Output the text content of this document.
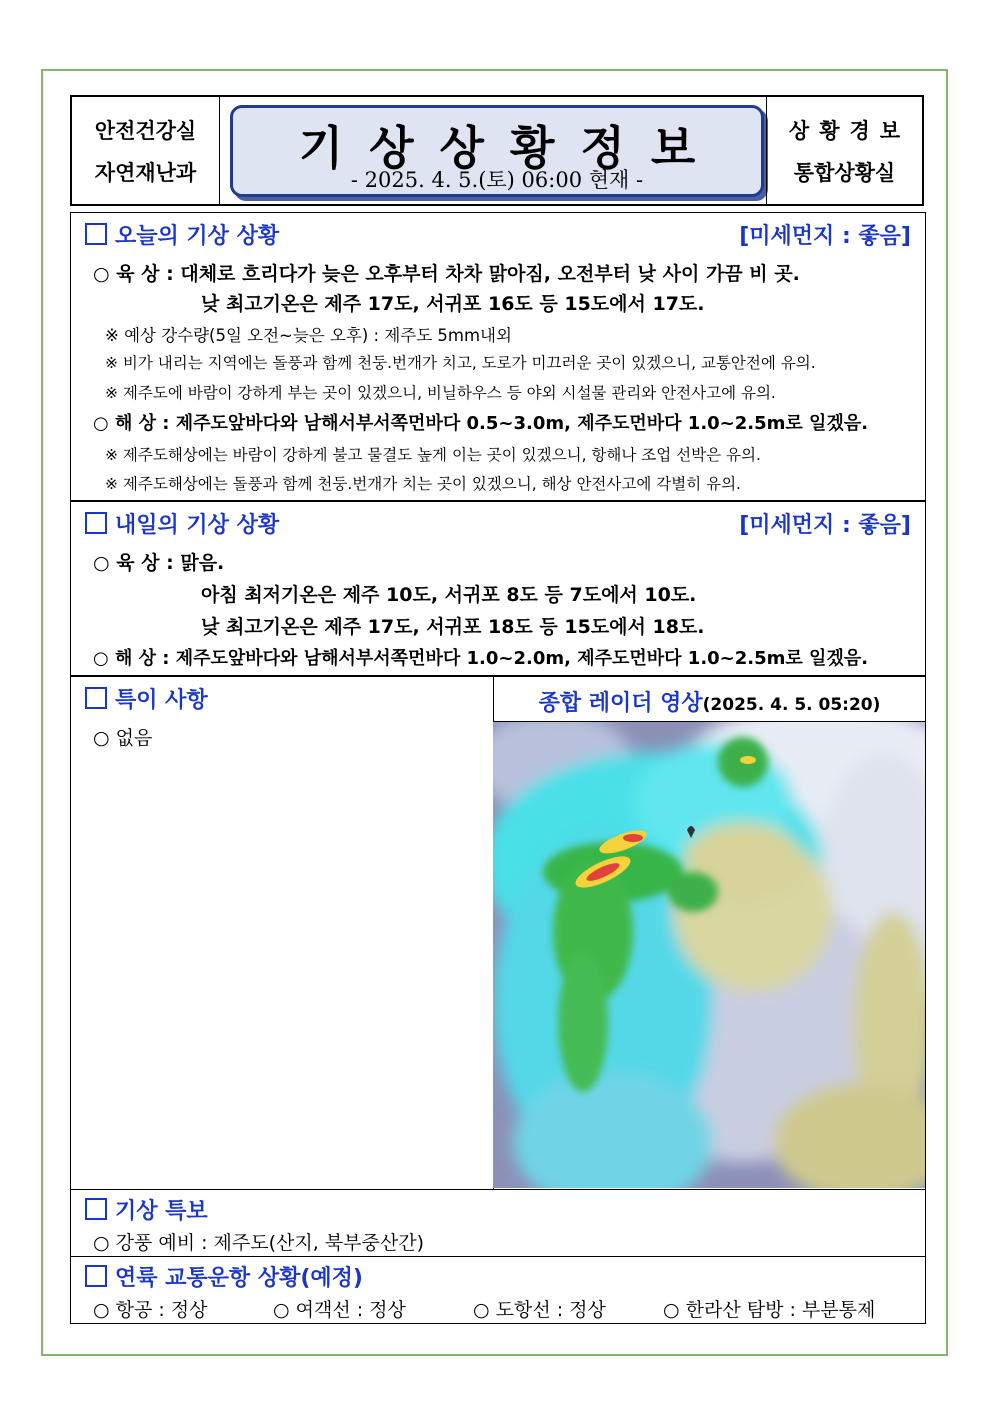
안전건강실
자연재난과	기상상황정보
- 2025. 4. 5.(토) 06:00 현재 -
상황경보
통합상황실
오늘의 기상 상황	[미세먼지 : 좋음]
○ 육 상 : 대체로 흐리다가 늦은 오후부터 차차 맑아짐, 오전부터 낮 사이 가끔 비 곳.
낮 최고기온은 제주 17도, 서귀포 16도 등 15도에서 17도.
※ 예상 강수량(5일 오전~늦은 오후) : 제주도 5mm내외
※ 비가 내리는 지역에는 돌풍과 함께 천둥.번개가 치고, 도로가 미끄러운 곳이 있겠으니, 교통안전에 유의.
※ 제주도에 바람이 강하게 부는 곳이 있겠으니, 비닐하우스 등 야외 시설물 관리와 안전사고에 유의.
○ 해 상 : 제주도앞바다와 남해서부서쪽먼바다 0.5~3.0m, 제주도먼바다 1.0~2.5m로 일겠음.
※ 제주도해상에는 바람이 강하게 불고 물결도 높게 이는 곳이 있겠으니, 항해나 조업 선박은 유의.
※ 제주도해상에는 돌풍과 함께 천둥.번개가 치는 곳이 있겠으니, 해상 안전사고에 각별히 유의.
내일의 기상 상황	[미세먼지 : 좋음]
○ 육 상 : 맑음.
아침 최저기온은 제주 10도, 서귀포 8도 등 7도에서 10도.
낮 최고기온은 제주 17도, 서귀포 18도 등 15도에서 18도.
○ 해 상 : 제주도앞바다와 남해서부서쪽먼바다 1.0~2.0m, 제주도먼바다 1.0~2.5m로 일겠음.
특이 사항
○ 없음
종합 레이더 영상(2025. 4. 5. 05:20)
기상 특보
○ 강풍 예비 : 제주도(산지, 북부중산간)
연륙 교통운항 상황(예정)
○ 항공 : 정상	○ 여객선 : 정상	○ 도항선 : 정상	○ 한라산 탐방 : 부분통제
